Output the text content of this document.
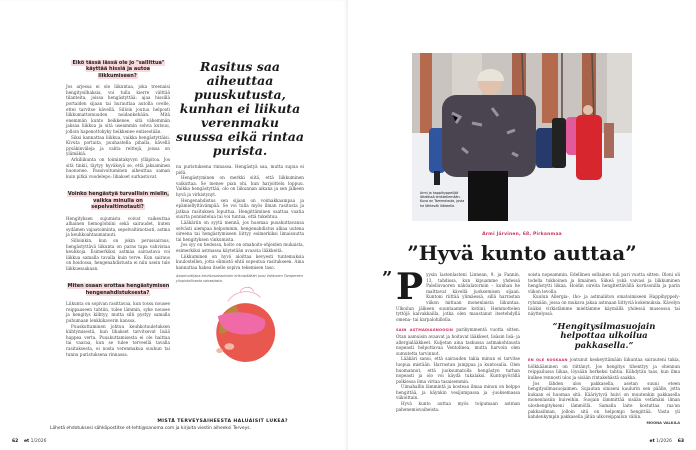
Eikö tässä iässä ole jo "sallittua" käyttää hissiä ja autoa liikkumiseen?

Jos arjessa ei ole liikuntaa, joka treenaisi hengitysilhaksia, voi tulla kierre välttää tilanteita, joissa hengästyttää: ajaa hissillä portaiden sijaan tai hurauttaa autolla ovelle, ettei tarvitse kävellä. Silloin joutuu helposti liikkumattomuuden noidankehään. Mitä enemmän kunto heikkenee, sitä vähemmän jaksaa liikkua ja sitä useammin sohva kutsuu, jolloin hapenottokyky heikkenee entisestään.

Siksi kannattaa liikkua, vaikka hengästyttäisi. Kivuta portaita, puuhastella pihalla, kävellä pysäkinväleja ja valita reittejä, joissa on ylämäkiä.

Arkiliikunta on toimintakyvyn ylläpitoa. Jos sitä tinkii, täytyy hyväksyä se, että jaksaminen huononee. Passivoituminen aiheuttaa saman kuin pitkä vuodelepo: lihakset surkastuvat.

Voinko hengästyä turvallisin mielin, vaikka minulla on sepelvaltimotauti?

Hengityksen sujumista voivat vaikeuttaa alhainen hemoglobiini sekä sairaudet, kuten sydämen vajaatoiminta, sepelvaltimotauti, astma ja keuhkoahtaumatauti.

Silloinkin, kun on jokin perussairaus, hengästyttävä liikunta on paras tapa vahvistaa keuhkoja. Esimerkiksi astmaa sairastava voi liikkua samalla tavalla kuin terve. Kun sairaus on hoidossa, hengenahdistusta ei niin usein tule liikkuessakaan.

Miten osaan erottaa hengästymisen hengenahdistuksesta?

Liikunta on sopivan rasittavaa, kun tossu nousee reippaaseen tahtiin, tulee lämmin, syke nousee ja hengitys kiihtyy, mutta silti pystyy samalla puhumaan lenkkikaverin kanssa.

Puuskuttaminen johtuu keuhkotuuletuksen kiihtymisestä, kun lihakset tarvitsevat lisää happea verta. Puuskuttamisesta ei ole haittaa tai vaaraa, kun se tulee terveellä tavalla rasituksesta, ei nosta verenmakua suuhun tai tunnu puristuksena rinnassa.

Rasitus saa aiheuttaa puuskutusta, kunhan ei liikuta verenmaku suussa eikä rintaa purista.

nu puristuksena rinnassa. Hengästyä saa, mutta supua ei pidä.

Hengästyminen on merkki siitä, että liikkuminen vaikuttaa. Se menee pian ohi, kun harjoittelu loppuu. Vaikka hengästyttää, olo on liikunnan aikana ja sen jälkeen hyvä ja virkistynyt.

Hengenahdistus sen sijaan on voimakkaampaa ja epämiellyttävämpää. Se voi tulla myös ilman rasitusta ja jatkua rasituksen loputtua. Hengittäminen saattaa vaatia suurta ponnistelua tai voi tuntua, että tukehtuu.

Lääkäriin on syytä mennä, jos huomaa puuskuttavansa selvästi aiempaa helpommin, hengenahdistus alkaa uutena oireena tai hengästymiseen liittyy esimerkiksi limaisuutta tai hengityksen vinkumista.

Jos syy on tiedossa, hoito on omahoito-ohjeiden mukaista, esimerkiksi astmassa käytetään avaavia lääkkeitä.

Liikkuminen on hyvä aloittaa kevyesti tuntemuksia kuulostellen, jotta elimistö ehtii sopeutua rasitukseen. Aina kannattaa hakea itselle sopiva tekemisen taso.

Asiantuntijana keuhkosairauksien erikoislääkäri Jussi Vahtonen Tampereen yliopistollisesta sairaalasta.
MISTÄ TERVEYSAIHEESTA HALUAISIT LUKEA?
Lähetä ehdotuksesi sähköpostitse et-lehti@sanoma.com ja kirjoita viestin aiheeksi Terveys.
62 et 1/2026
Armi ja happihyppelijät lähdössä lenkkeilemään. Kuva on Tammelasta, josta he lähtevät liikkeelle.
Armi Järvinen, 68, Pirkanmaa
”Hyvä kunto auttaa”
” P yysin lastenlasteni Linnean, 9, ja Fannin, 13, tahdissa, kun kipuamme yhdessä Palelluvaoren näköalatorniin – kunhan he malttavat kävellä juoksemisen sijaan. Kuntoni riittää ylimäessä, sillä harrastan viikon mittaan monenlaista liikuntaa. Ulkoilun jälkeen suuntaamme kotiini. Hemmottelen tyttöjä kaivakkailla, jotka olen maustanut itsetehdyllä omena- tai karpalohillolla.

SAIN ASTMADIAGNOOSIN parikymmentä vuotta sitten. Otan aamuisin avaavat ja hoitavat lääkkeet, lisäsin lisä- ja allergialääkkeet. Kuljetan aina taskussa astmakohtausta nopeasti helpottavaa Ventolinea, mutta harvoin olen sumutetta tarvinnut.

Lääkäri sanoi, että sairauden takia minun ei tarvitse luopua mistään. Harrastan jumppaa ja kuntosalia. Olen huomannut, että juoksumatolla hengästyn turhan nopeasti ja olo voi käydä tukalaksi. Kuntopyörällä polkiessa ilma virtaa tasaisemmin.

Uimahallin lämmintä ja kosteaa ilmaa minun on helppo hengittää, ja käynkin vesijumpassa ja -juoksemassa viikoittain.

Hyvä kunto auttaa myös toipumaan astman pahenemisvaiheista.

soista nopeammin. Edellinen sellainen tuli pari vuotta sitten. Oloni oli todella tukkoinen ja limainen. Siikeä yskä vaivasi ja liikkuminen hengästytti liikaa. Hoidin oireita hengitettävällä kortisonilla ja parin viikon levolla.

Kuulun Allergia-, Iho- ja astmaliiton omatoimiseen Happihyppely-ryhmään, jossa on mukava jakaa astmaan liittyviä kokemuksia. Kävelyn lisäksi virkistämme mieltämme käymällä yhdessä museossa tai näyttelyssä.

”Hengitysilmasuojain helpottaa ulkoilua pakkasella.”

EN OLE KOSKAAN joutunut keskeyttämään liikuntaa sairauteni takia, hölkkääminen on riittänyt. Jos hengitys tihenttyy ja ohennun reippailussa liikaa, löysään herkeksi tahtia. Kiihdytän taas, kun ilma kulkee rennosti ulos ja sisään rintakehästä saakka.

Jos lähden ulos pakkasella, asetan suuni eteen hengitysilmasuojaimen. Sujautan siniseni kaulurin sen päälle, jotta kukaan ei huomaa sitä. Kääriytyvä huivi on muutenkin pakkasella monenlaisiin huiveihin. Suojain lämmittää sisään vetämäni ilman uloshengitykseni lämmöllä. Samalla laite kostuttaa raa'an pakkasilman, jolloin sitä on helpompi hengittää. Vasta yli kahdenkympin pakkasella jätän ulkoreippailun väliin.

MOONA VALKILA

et 1/2026 63
